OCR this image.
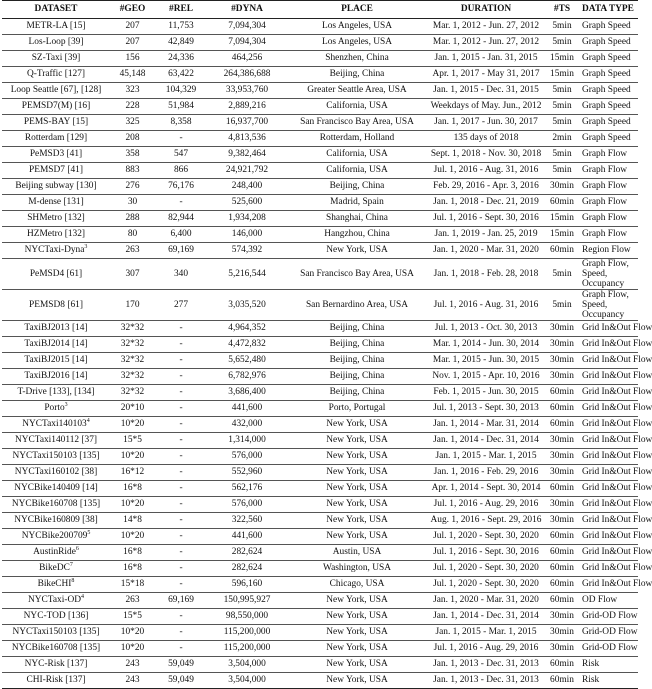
DATASET	#GEO	#REL	#DYNA	PLACE	DURATION	#TS	DATA TYPE
METR-LA [15]	207	11,753	7,094,304	Los Angeles, USA	Mar. 1, 2012 - Jun. 27, 2012	5min	Graph Speed
Los-Loop [39]	207	42,849	7,094,304	Los Angeles, USA	Mar. 1, 2012 - Jun. 27, 2012	5min	Graph Speed
SZ-Taxi [39]	156	24,336	464,256	Shenzhen, China	Jan. 1, 2015 - Jan. 31, 2015	15min	Graph Speed
Q-Traffic [127]	45,148	63,422	264,386,688	Beijing, China	Apr. 1, 2017 - May 31, 2017	15min	Graph Speed
Loop Seattle [67], [128]	323	104,329	33,953,760	Greater Seattle Area, USA	Jan. 1, 2015 - Dec. 31, 2015	5min	Graph Speed
PEMSD7(M) [16]	228	51,984	2,889,216	California, USA	Weekdays of May. Jun., 2012	5min	Graph Speed
PEMS-BAY [15]	325	8,358	16,937,700	San Francisco Bay Area, USA	Jan. 1, 2017 - Jun. 30, 2017	5min	Graph Speed
Rotterdam [129]	208	-	4,813,536	Rotterdam, Holland	135 days of 2018	2min	Graph Speed
PeMSD3 [41]	358	547	9,382,464	California, USA	Sept. 1, 2018 - Nov. 30, 2018	5min	Graph Flow
PEMSD7 [41]	883	866	24,921,792	California, USA	Jul. 1, 2016 - Aug. 31, 2016	5min	Graph Flow
Beijing subway [130]	276	76,176	248,400	Beijing, China	Feb. 29, 2016 - Apr. 3, 2016	30min	Graph Flow
M-dense [131]	30	-	525,600	Madrid, Spain	Jan. 1, 2018 - Dec. 21, 2019	60min	Graph Flow
SHMetro [132]	288	82,944	1,934,208	Shanghai, China	Jul. 1, 2016 - Sept. 30, 2016	15min	Graph Flow
HZMetro [132]	80	6,400	146,000	Hangzhou, China	Jan. 1, 2019 - Jan. 25, 2019	15min	Graph Flow
NYCTaxi-Dyna$^3$	263	69,169	574,392	New York, USA	Jan. 1, 2020 - Mar. 31, 2020	60min	Region Flow
PeMSD4 [61]	307	340	5,216,544	San Francisco Bay Area, USA	Jan. 1, 2018 - Feb. 28, 2018	5min	Graph Flow, Speed, Occupancy
PEMSD8 [61]	170	277	3,035,520	San Bernardino Area, USA	Jul. 1, 2016 - Aug. 31, 2016	5min	Graph Flow, Speed, Occupancy
TaxiBJ2013 [14]	32*32	-	4,964,352	Beijing, China	Jul. 1, 2013 - Oct. 30, 2013	30min	Grid In&Out Flow
TaxiBJ2014 [14]	32*32	-	4,472,832	Beijing, China	Mar. 1, 2014 - Jun. 30, 2014	30min	Grid In&Out Flow
TaxiBJ2015 [14]	32*32	-	5,652,480	Beijing, China	Mar. 1, 2015 - Jun. 30, 2015	30min	Grid In&Out Flow
TaxiBJ2016 [14]	32*32	-	6,782,976	Beijing, China	Nov. 1, 2015 - Apr. 10, 2016	30min	Grid In&Out Flow
T-Drive [133], [134]	32*32	-	3,686,400	Beijing, China	Feb. 1, 2015 - Jun. 30, 2015	60min	Grid In&Out Flow
Porto$^3$	20*10	-	441,600	Porto, Portugal	Jul. 1, 2013 - Sept. 30, 2013	60min	Grid In&Out Flow
NYCTaxi140103$^4$	10*20	-	432,000	New York, USA	Jan. 1, 2014 - Mar. 31, 2014	60min	Grid In&Out Flow
NYCTaxi140112 [37]	15*5	-	1,314,000	New York, USA	Jan. 1, 2014 - Dec. 31, 2014	30min	Grid In&Out Flow
NYCTaxi150103 [135]	10*20	-	576,000	New York, USA	Jan. 1, 2015 - Mar. 1, 2015	30min	Grid In&Out Flow
NYCTaxi160102 [38]	16*12	-	552,960	New York, USA	Jan. 1, 2016 - Feb. 29, 2016	30min	Grid In&Out Flow
NYCBike140409 [14]	16*8	-	562,176	New York, USA	Apr. 1, 2014 - Sept. 30, 2014	60min	Grid In&Out Flow
NYCBike160708 [135]	10*20	-	576,000	New York, USA	Jul. 1, 2016 - Aug. 29, 2016	30min	Grid In&Out Flow
NYCBike160809 [38]	14*8	-	322,560	New York, USA	Aug. 1, 2016 - Sept. 29, 2016	30min	Grid In&Out Flow
NYCBike200709$^5$	10*20	-	441,600	New York, USA	Jul. 1, 2020 - Sept. 30, 2020	60min	Grid In&Out Flow
AustinRide$^6$	16*8	-	282,624	Austin, USA	Jul. 1, 2016 - Sept. 30, 2016	60min	Grid In&Out Flow
BikeDC$^7$	16*8	-	282,624	Washington, USA	Jul. 1, 2020 - Sept. 30, 2020	60min	Grid In&Out Flow
BikeCHI$^8$	15*18	-	596,160	Chicago, USA	Jul. 1, 2020 - Sept. 30, 2020	60min	Grid In&Out Flow
NYCTaxi-$OD^4$	263	69,169	150,995,927	New York, USA	Jan. 1, 2020 - Mar. 31, 2020	60min	OD Flow
NYC-TOD [136]	15*5	-	98,550,000	New York, USA	Jan. 1, 2014 - Dec. 31, 2014	30min	Grid-OD Flow
NYCTaxi150103 [135]	10*20	-	115,200,000	New York, USA	Jan. 1, 2015 - Mar. 1, 2015	30min	Grid-OD Flow
NYCBike160708 [135]	10*20	-	115,200,000	New York, USA	Jul. 1, 2016 - Aug. 29, 2016	30min	Grid-OD Flow
NYC-Risk [137]	243	59,049	3,504,000	New York, USA	Jan. 1, 2013 - Dec. 31, 2013	60min	Risk
CHI-Risk [137]	243	59,049	3,504,000	New York, USA	Jan. 1, 2013 - Dec. 31, 2013	60min	Risk
